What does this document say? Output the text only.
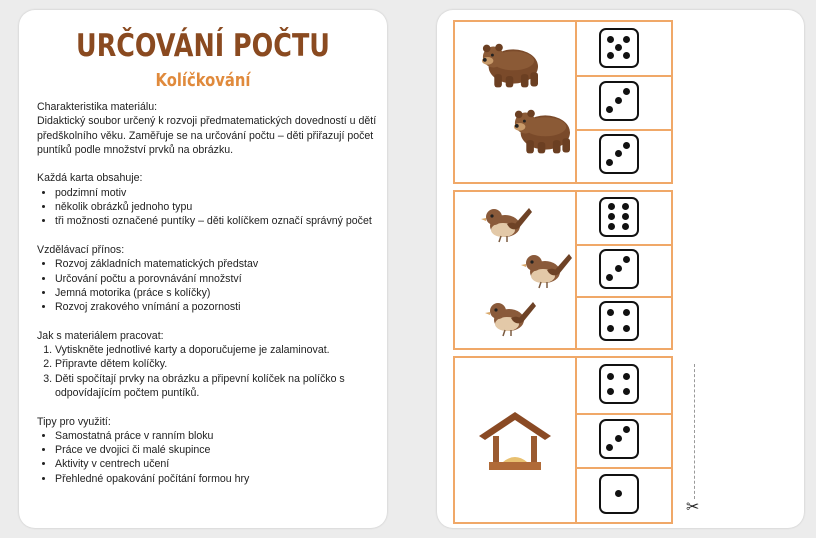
URČOVÁNÍ POČTU
Kolíčkování

Charakteristika materiálu:

Didaktický soubor určený k rozvoji předmatematických dovedností u dětí předškolního věku. Zaměřuje se na určování počtu – děti přiřazují počet puntíků podle množství prvků na obrázku.

Každá karta obsahuje:

• podzimní motiv
• několik obrázků jednoho typu
• tři možnosti označené puntíky – děti kolíčkem označí správný počet

Vzdělávací přínos:

• Rozvoj základních matematických představ
• Určování počtu a porovnávání množství
• Jemná motorika (práce s kolíčky)
• Rozvoj zrakového vnímání a pozornosti

Jak s materiálem pracovat:

1. Vytiskněte jednotlivé karty a doporučujeme je zalaminovat.
2. Připravte dětem kolíčky.
3. Děti spočítají prvky na obrázku a připevní kolíček na políčko s odpovídajícím počtem puntíků.

Tipy pro využití:

• Samostatná práce v ranním bloku
• Práce ve dvojici či malé skupince
• Aktivity v centrech učení
• Přehledné opakování počítání formou hry
✂
